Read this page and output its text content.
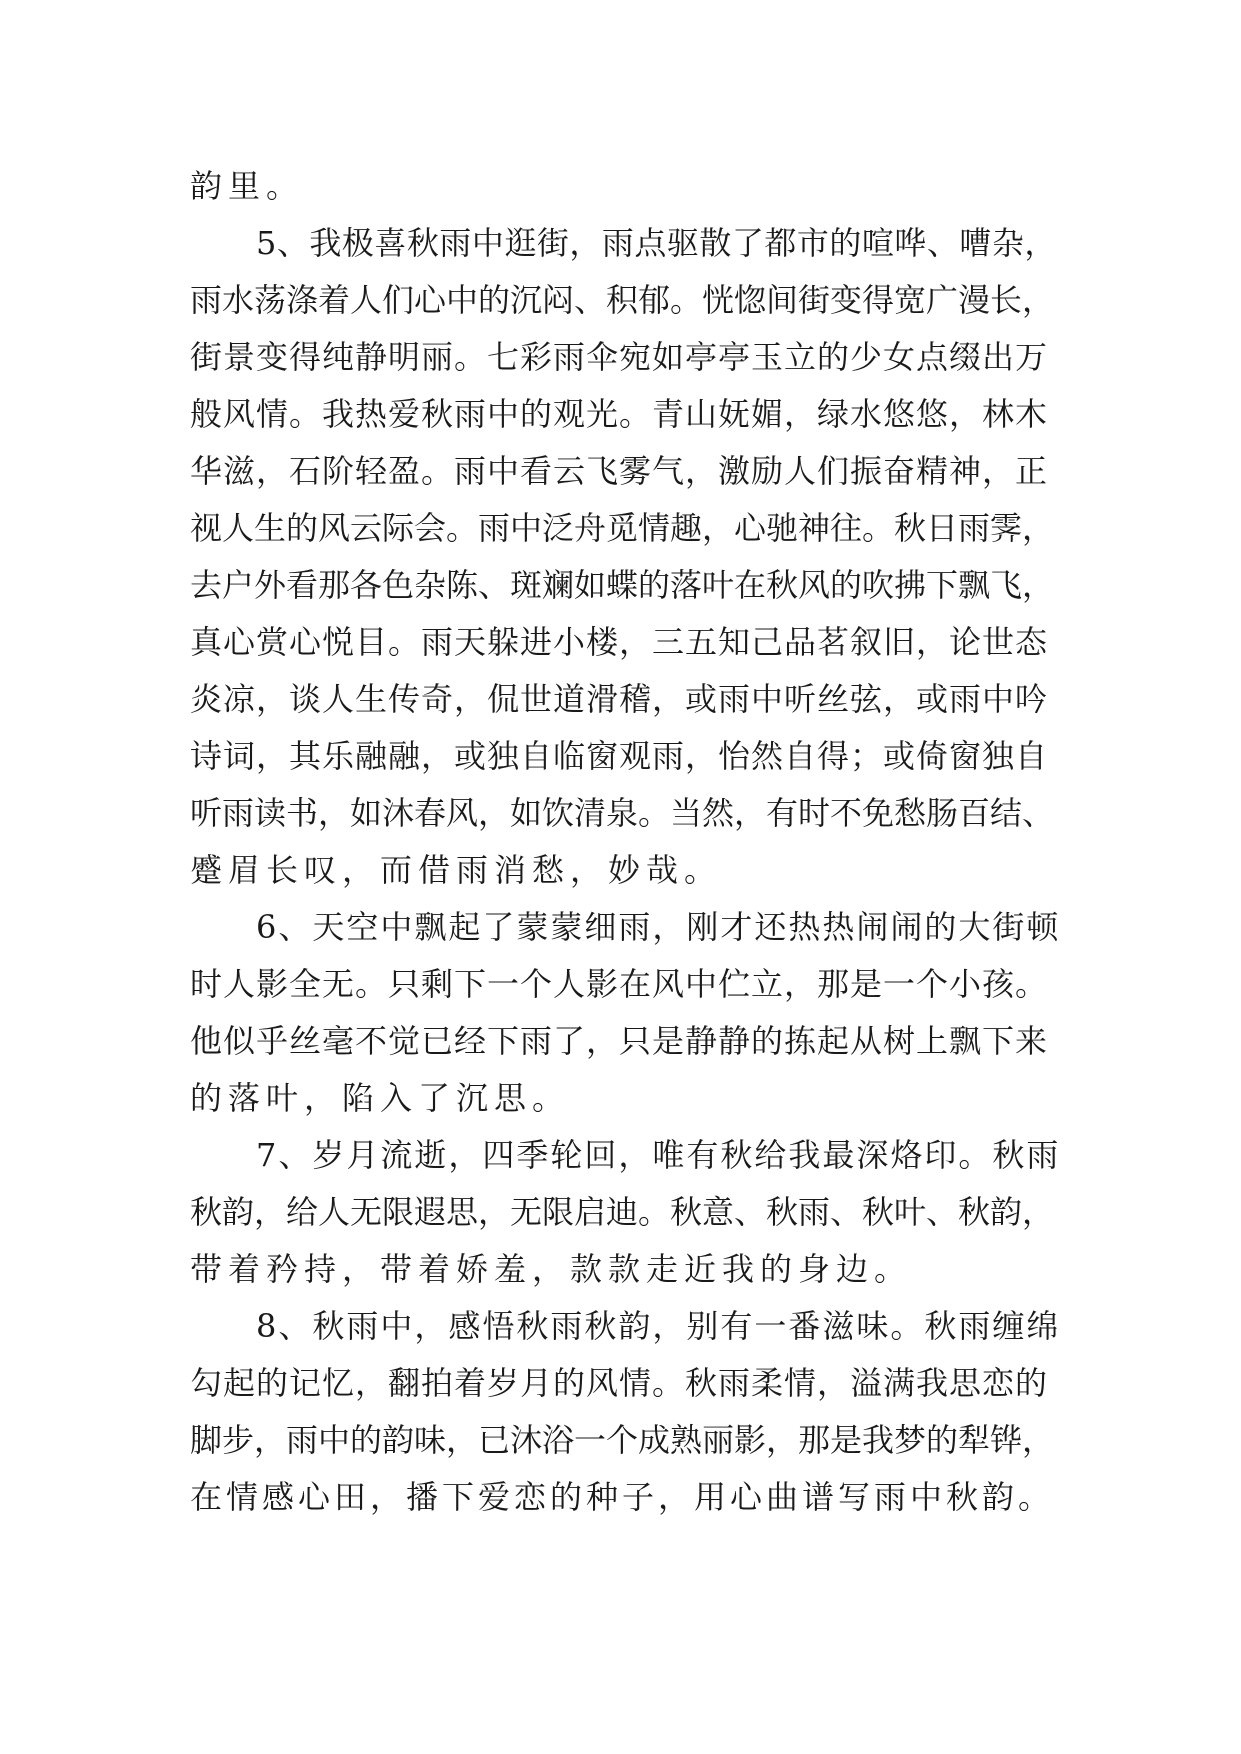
韵里。
5、我极喜秋雨中逛街，雨点驱散了都市的喧哗、嘈杂，
雨水荡涤着人们心中的沉闷、积郁。恍惚间街变得宽广漫长，
街景变得纯静明丽。七彩雨伞宛如亭亭玉立的少女点缀出万
般风情。我热爱秋雨中的观光。青山妩媚，绿水悠悠，林木
华滋，石阶轻盈。雨中看云飞雾气，激励人们振奋精神，正
视人生的风云际会。雨中泛舟觅情趣，心驰神往。秋日雨霁，
去户外看那各色杂陈、斑斓如蝶的落叶在秋风的吹拂下飘飞，
真心赏心悦目。雨天躲进小楼，三五知己品茗叙旧，论世态
炎凉，谈人生传奇，侃世道滑稽，或雨中听丝弦，或雨中吟
诗词，其乐融融，或独自临窗观雨，怡然自得；或倚窗独自
听雨读书，如沐春风，如饮清泉。当然，有时不免愁肠百结、
蹙眉长叹，而借雨消愁，妙哉。
6、天空中飘起了蒙蒙细雨，刚才还热热闹闹的大街顿
时人影全无。只剩下一个人影在风中伫立，那是一个小孩。
他似乎丝毫不觉已经下雨了，只是静静的拣起从树上飘下来
的落叶，陷入了沉思。
7、岁月流逝，四季轮回，唯有秋给我最深烙印。秋雨
秋韵，给人无限遐思，无限启迪。秋意、秋雨、秋叶、秋韵，
带着矜持，带着娇羞，款款走近我的身边。
8、秋雨中，感悟秋雨秋韵，别有一番滋味。秋雨缠绵
勾起的记忆，翻拍着岁月的风情。秋雨柔情，溢满我思恋的
脚步，雨中的韵味，已沐浴一个成熟丽影，那是我梦的犁铧，
在情感心田，播下爱恋的种子，用心曲谱写雨中秋韵。
